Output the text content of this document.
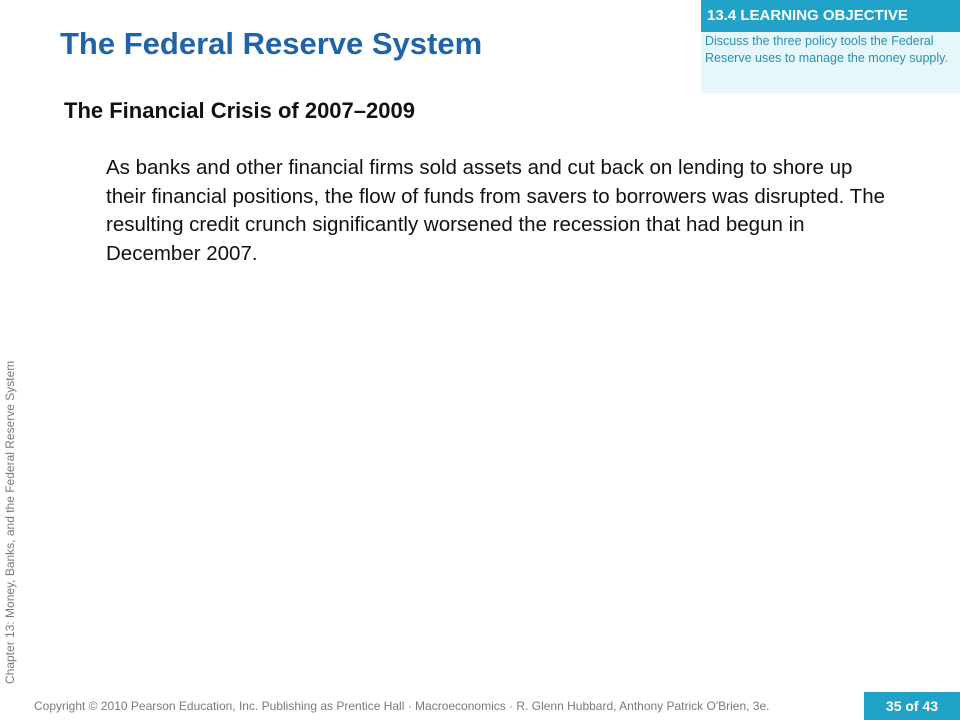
The Federal Reserve System
13.4 LEARNING OBJECTIVE
Discuss the three policy tools the Federal Reserve uses to manage the money supply.
The Financial Crisis of 2007–2009

As banks and other financial firms sold assets and cut back on lending to shore up their financial positions, the flow of funds from savers to borrowers was disrupted. The resulting credit crunch significantly worsened the recession that had begun in December 2007.

Chapter 13: Money, Banks, and the Federal Reserve System
Copyright © 2010 Pearson Education, Inc. Publishing as Prentice Hall · Macroeconomics · R. Glenn Hubbard, Anthony Patrick O'Brien, 3e.	35 of 43
